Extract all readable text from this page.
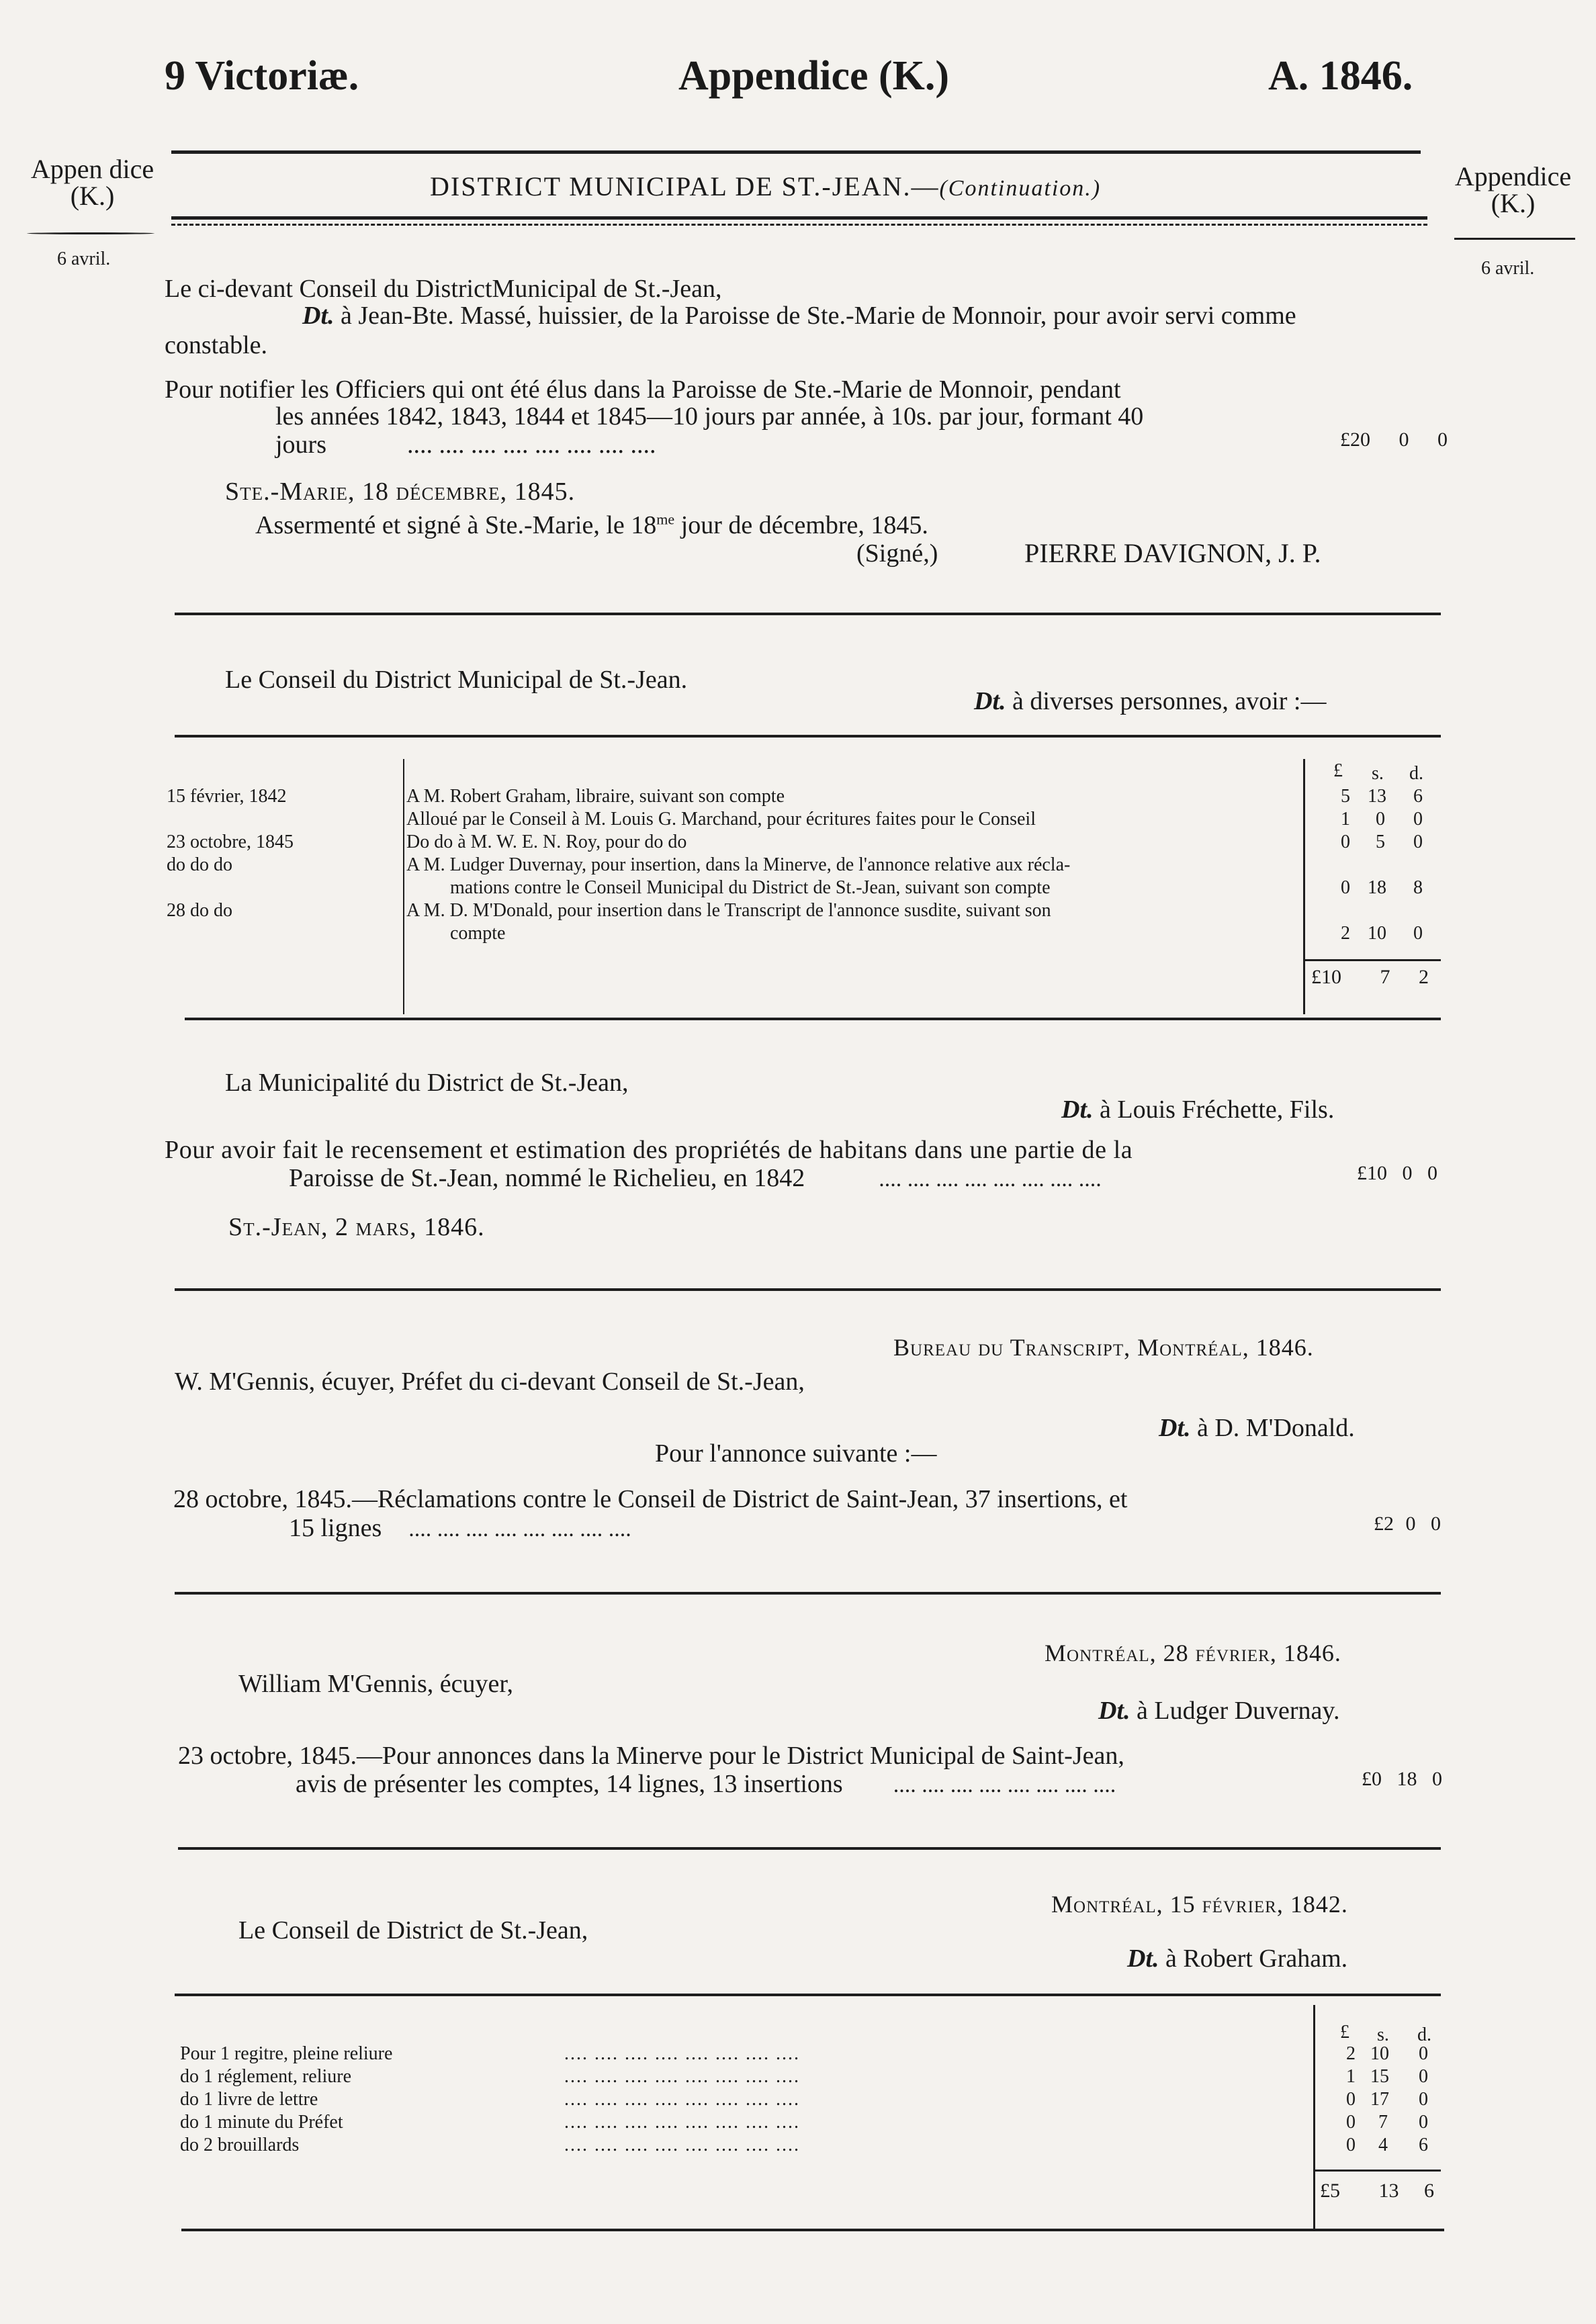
9 Victoriæ.	Appendice (K.)	A. 1846.
Appen dice
(K.)
6 avril.
Appendice
(K.)
6 avril.
DISTRICT MUNICIPAL DE ST.-JEAN.—(Continuation.)
Le ci-devant Conseil du DistrictMunicipal de St.-Jean,
Dt. à Jean-Bte. Massé, huissier, de la Paroisse de Ste.-Marie de Monnoir, pour avoir servi comme
constable.
Pour notifier les Officiers qui ont été élus dans la Paroisse de Ste.-Marie de Monnoir, pendant
les années 1842, 1843, 1844 et 1845—10 jours par année, à 10s. par jour, formant 40
jours	.... .... .... .... .... .... .... ....	£20 0 0
Ste.-Marie, 18 décembre, 1845.
Assermenté et signé à Ste.-Marie, le $18^{me}$ jour de décembre, 1845.
(Signé,)	PIERRE DAVIGNON, J. P.
Le Conseil du District Municipal de St.-Jean.
Dt. à diverses personnes, avoir :—
£ s. d.
15 février, 1842	A M. Robert Graham, libraire, suivant son compte	5 13 6
Alloué par le Conseil à M. Louis G. Marchand, pour écritures faites pour le Conseil	1 0 0
23 octobre, 1845	Do do à M. W. E. N. Roy, pour do do	0 5 0
do do do	A M. Ludger Duvernay, pour insertion, dans la Minerve, de l'annonce relative aux récla-
mations contre le Conseil Municipal du District de St.-Jean, suivant son compte	0 18 8
28 do do	A M. D. M'Donald, pour insertion dans le Transcript de l'annonce susdite, suivant son
compte	2 10 0
£10 7 2
La Municipalité du District de St.-Jean,
Dt. à Louis Fréchette, Fils.
Pour avoir fait le recensement et estimation des propriétés de habitans dans une partie de la
Paroisse de St.-Jean, nommé le Richelieu, en 1842	.... .... .... .... .... .... .... ....	£10 0 0
St.-Jean, 2 mars, 1846.
Bureau du Transcript, Montréal, 1846.
W. M'Gennis, écuyer, Préfet du ci-devant Conseil de St.-Jean,
Dt. à D. M'Donald.
Pour l'annonce suivante :—
28 octobre, 1845.—Réclamations contre le Conseil de District de Saint-Jean, 37 insertions, et
15 lignes .... .... .... .... .... .... .... ....	£2 0 0
Montréal, 28 février, 1846.
William M'Gennis, écuyer,
Dt. à Ludger Duvernay.
23 octobre, 1845.—Pour annonces dans la Minerve pour le District Municipal de Saint-Jean,
avis de présenter les comptes, 14 lignes, 13 insertions .... .... .... .... .... .... .... ....	£0 18 0
Montréal, 15 février, 1842.
Le Conseil de District de St.-Jean,
Dt. à Robert Graham.
£ s. d.
Pour 1 regitre, pleine reliure	.... .... .... .... .... .... .... ....	2 10 0
do 1 réglement, reliure	.... .... .... .... .... .... .... ....	1 15 0
do 1 livre de lettre	.... .... .... .... .... .... .... ....	0 17 0
do 1 minute du Préfet	.... .... .... .... .... .... .... ....	0 7 0
do 2 brouillards	.... .... .... .... .... .... .... ....	0 4 6
£5 13 6
